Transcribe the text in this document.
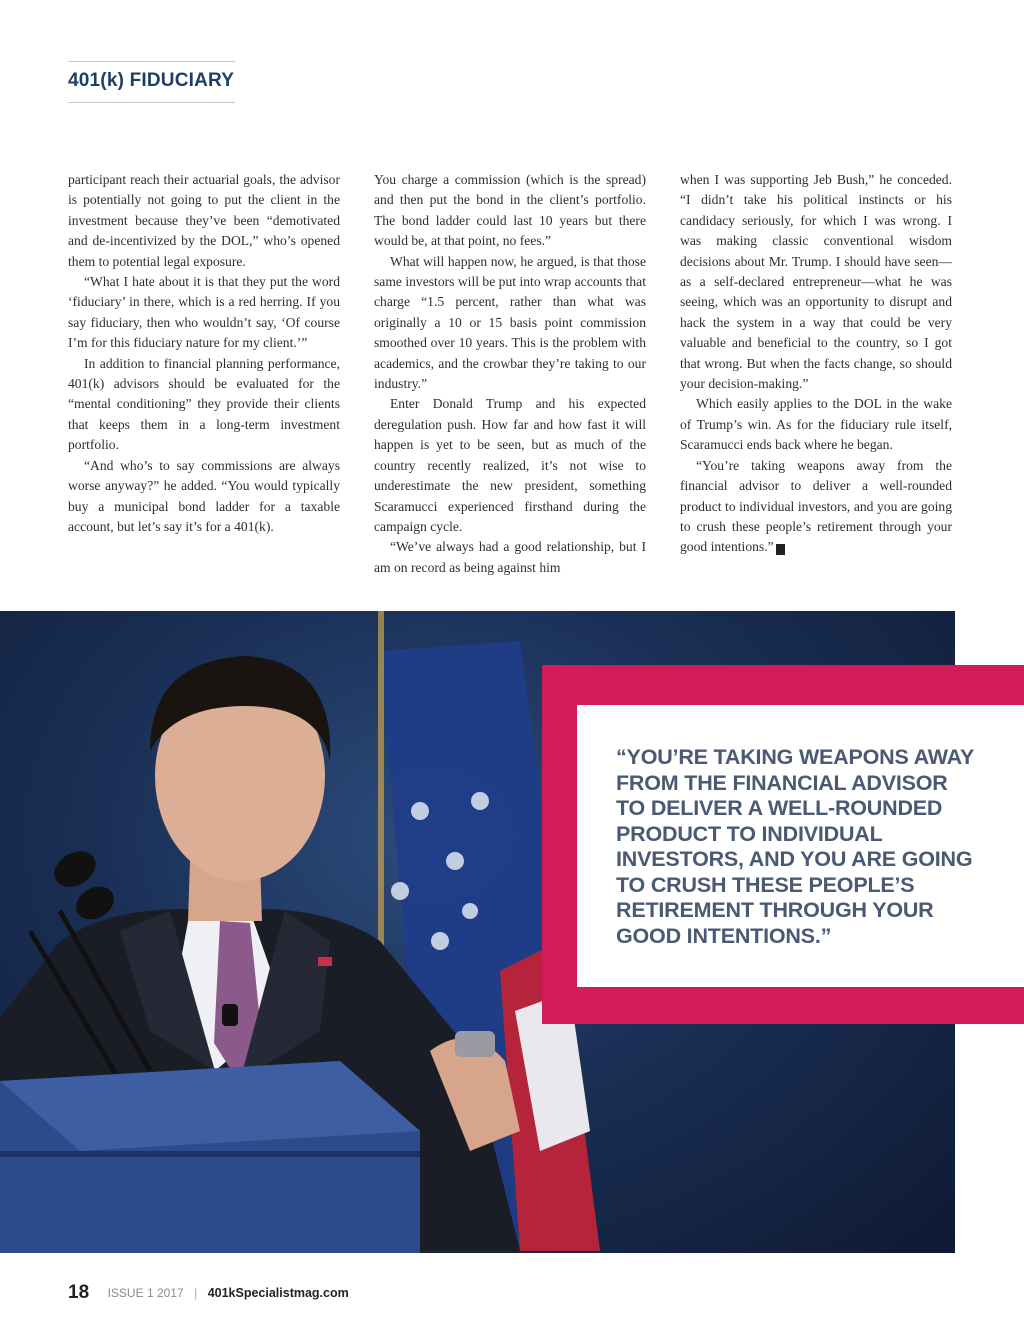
401(k) FIDUCIARY

participant reach their actuarial goals, the advisor is potentially not going to put the client in the investment because they’ve been “demotivated and de-incentivized by the DOL,” who’s opened them to potential legal exposure.

“What I hate about it is that they put the word ‘fiduciary’ in there, which is a red herring. If you say fiduciary, then who wouldn’t say, ‘Of course I’m for this fiduciary nature for my client.’”

In addition to financial planning performance, 401(k) advisors should be evaluated for the “mental conditioning” they provide their clients that keeps them in a long-term investment portfolio.

“And who’s to say commissions are always worse anyway?” he added. “You would typically buy a municipal bond ladder for a taxable account, but let’s say it’s for a 401(k).

You charge a commission (which is the spread) and then put the bond in the client’s portfolio. The bond ladder could last 10 years but there would be, at that point, no fees.”

What will happen now, he argued, is that those same investors will be put into wrap accounts that charge “1.5 percent, rather than what was originally a 10 or 15 basis point commission smoothed over 10 years. This is the problem with academics, and the crowbar they’re taking to our industry.”

Enter Donald Trump and his expected deregulation push. How far and how fast it will happen is yet to be seen, but as much of the country recently realized, it’s not wise to underestimate the new president, something Scaramucci experienced firsthand during the campaign cycle.

“We’ve always had a good relationship, but I am on record as being against him

when I was supporting Jeb Bush,” he conceded. “I didn’t take his political instincts or his candidacy seriously, for which I was wrong. I was making classic conventional wisdom decisions about Mr. Trump. I should have seen—as a self-declared entrepreneur—what he was seeing, which was an opportunity to disrupt and hack the system in a way that could be very valuable and beneficial to the country, so I got that wrong. But when the facts change, so should your decision-making.”

Which easily applies to the DOL in the wake of Trump’s win. As for the fiduciary rule itself, Scaramucci ends back where he began.

“You’re taking weapons away from the financial advisor to deliver a well-rounded product to individual investors, and you are going to crush these people’s retirement through your good intentions.” K

“YOU’RE TAKING WEAPONS AWAY FROM THE FINANCIAL ADVISOR TO DELIVER A WELL-ROUNDED PRODUCT TO INDIVIDUAL INVESTORS, AND YOU ARE GOING TO CRUSH THESE PEOPLE’S RETIREMENT THROUGH YOUR GOOD INTENTIONS.”
18 ISSUE 1 2017 | 401kSpecialistmag.com
